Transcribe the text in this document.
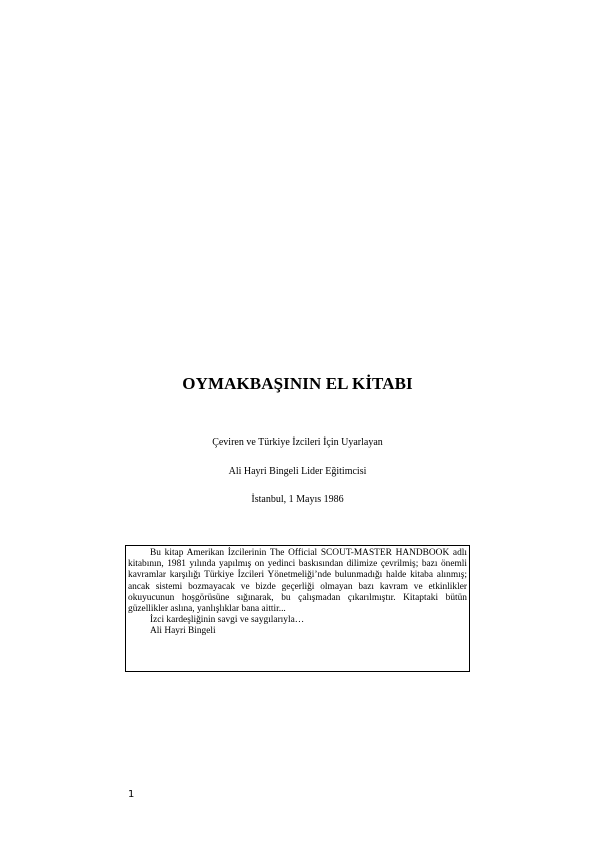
OYMAKBAŞININ EL KİTABI

Çeviren ve Türkiye İzcileri İçin Uyarlayan

Ali Hayri Bingeli Lider Eğitimcisi

İstanbul, 1 Mayıs 1986

Bu kitap Amerikan İzcilerinin The Official SCOUT-MASTER HANDBOOK adlı kitabının, 1981 yılında yapılmış on yedinci baskısından dilimize çevrilmiş; bazı önemli kavramlar karşılığı Türkiye İzcileri Yönetmeliği’nde bulunmadığı halde kitaba alınmış; ancak sistemi bozmayacak ve bizde geçerliği olmayan bazı kavram ve etkinlikler okuyucunun hoşgörüsüne sığınarak, bu çalışmadan çıkarılmıştır. Kitaptaki bütün güzellikler aslına, yanlışlıklar bana aittir...

İzci kardeşliğinin savgi ve saygılarıyla…

Ali Hayri Bingeli

1
